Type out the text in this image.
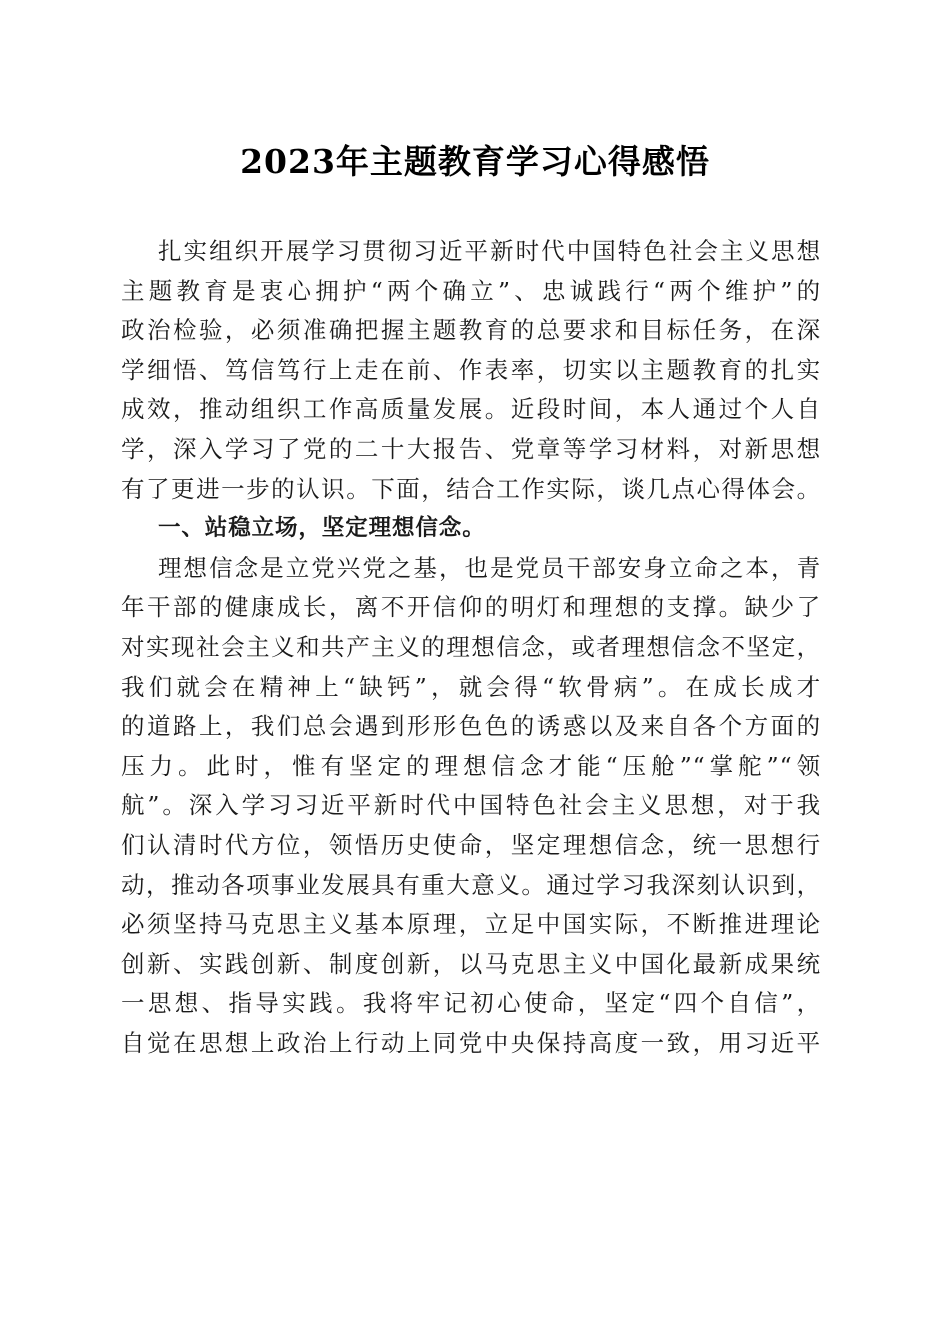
2023年主题教育学习心得感悟
扎实组织开展学习贯彻习近平新时代中国特色社会主义思想
主题教育是衷心拥护“两个确立”、忠诚践行“两个维护”的
政治检验，必须准确把握主题教育的总要求和目标任务，在深
学细悟、笃信笃行上走在前、作表率，切实以主题教育的扎实
成效，推动组织工作高质量发展。近段时间，本人通过个人自
学，深入学习了党的二十大报告、党章等学习材料，对新思想
有了更进一步的认识。下面，结合工作实际，谈几点心得体会。
一、站稳立场，坚定理想信念。
理想信念是立党兴党之基，也是党员干部安身立命之本，青
年干部的健康成长，离不开信仰的明灯和理想的支撑。缺少了
对实现社会主义和共产主义的理想信念，或者理想信念不坚定，
我们就会在精神上“缺钙”，就会得“软骨病”。在成长成才
的道路上，我们总会遇到形形色色的诱惑以及来自各个方面的
压力。此时，惟有坚定的理想信念才能“压舱”“掌舵”“领
航”。深入学习习近平新时代中国特色社会主义思想，对于我
们认清时代方位，领悟历史使命，坚定理想信念，统一思想行
动，推动各项事业发展具有重大意义。通过学习我深刻认识到，
必须坚持马克思主义基本原理，立足中国实际，不断推进理论
创新、实践创新、制度创新，以马克思主义中国化最新成果统
一思想、指导实践。我将牢记初心使命，坚定“四个自信”，
自觉在思想上政治上行动上同党中央保持高度一致，用习近平
